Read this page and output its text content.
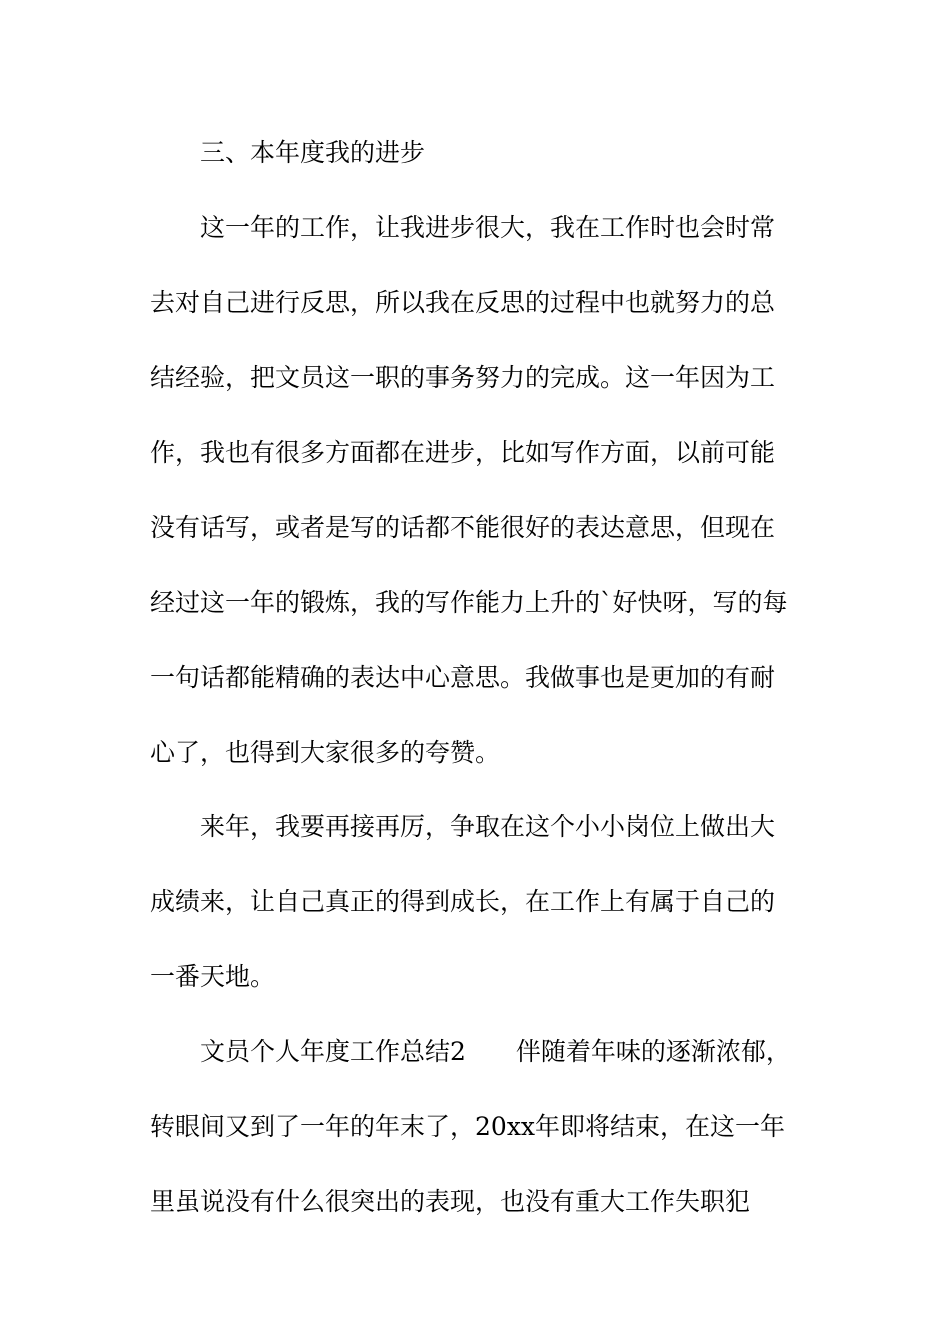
三、本年度我的进步
这一年的工作，让我进步很大，我在工作时也会时常
去对自己进行反思，所以我在反思的过程中也就努力的总
结经验，把文员这一职的事务努力的完成。这一年因为工
作，我也有很多方面都在进步，比如写作方面，以前可能
没有话写，或者是写的话都不能很好的表达意思，但现在
经过这一年的锻炼，我的写作能力上升的`好快呀，写的每
一句话都能精确的表达中心意思。我做事也是更加的有耐
心了，也得到大家很多的夸赞。
来年，我要再接再厉，争取在这个小小岗位上做出大
成绩来，让自己真正的得到成长，在工作上有属于自己的
一番天地。
文员个人年度工作总结2　　伴随着年味的逐渐浓郁，
转眼间又到了一年的年末了，20xx年即将结束，在这一年
里虽说没有什么很突出的表现，也没有重大工作失职犯
